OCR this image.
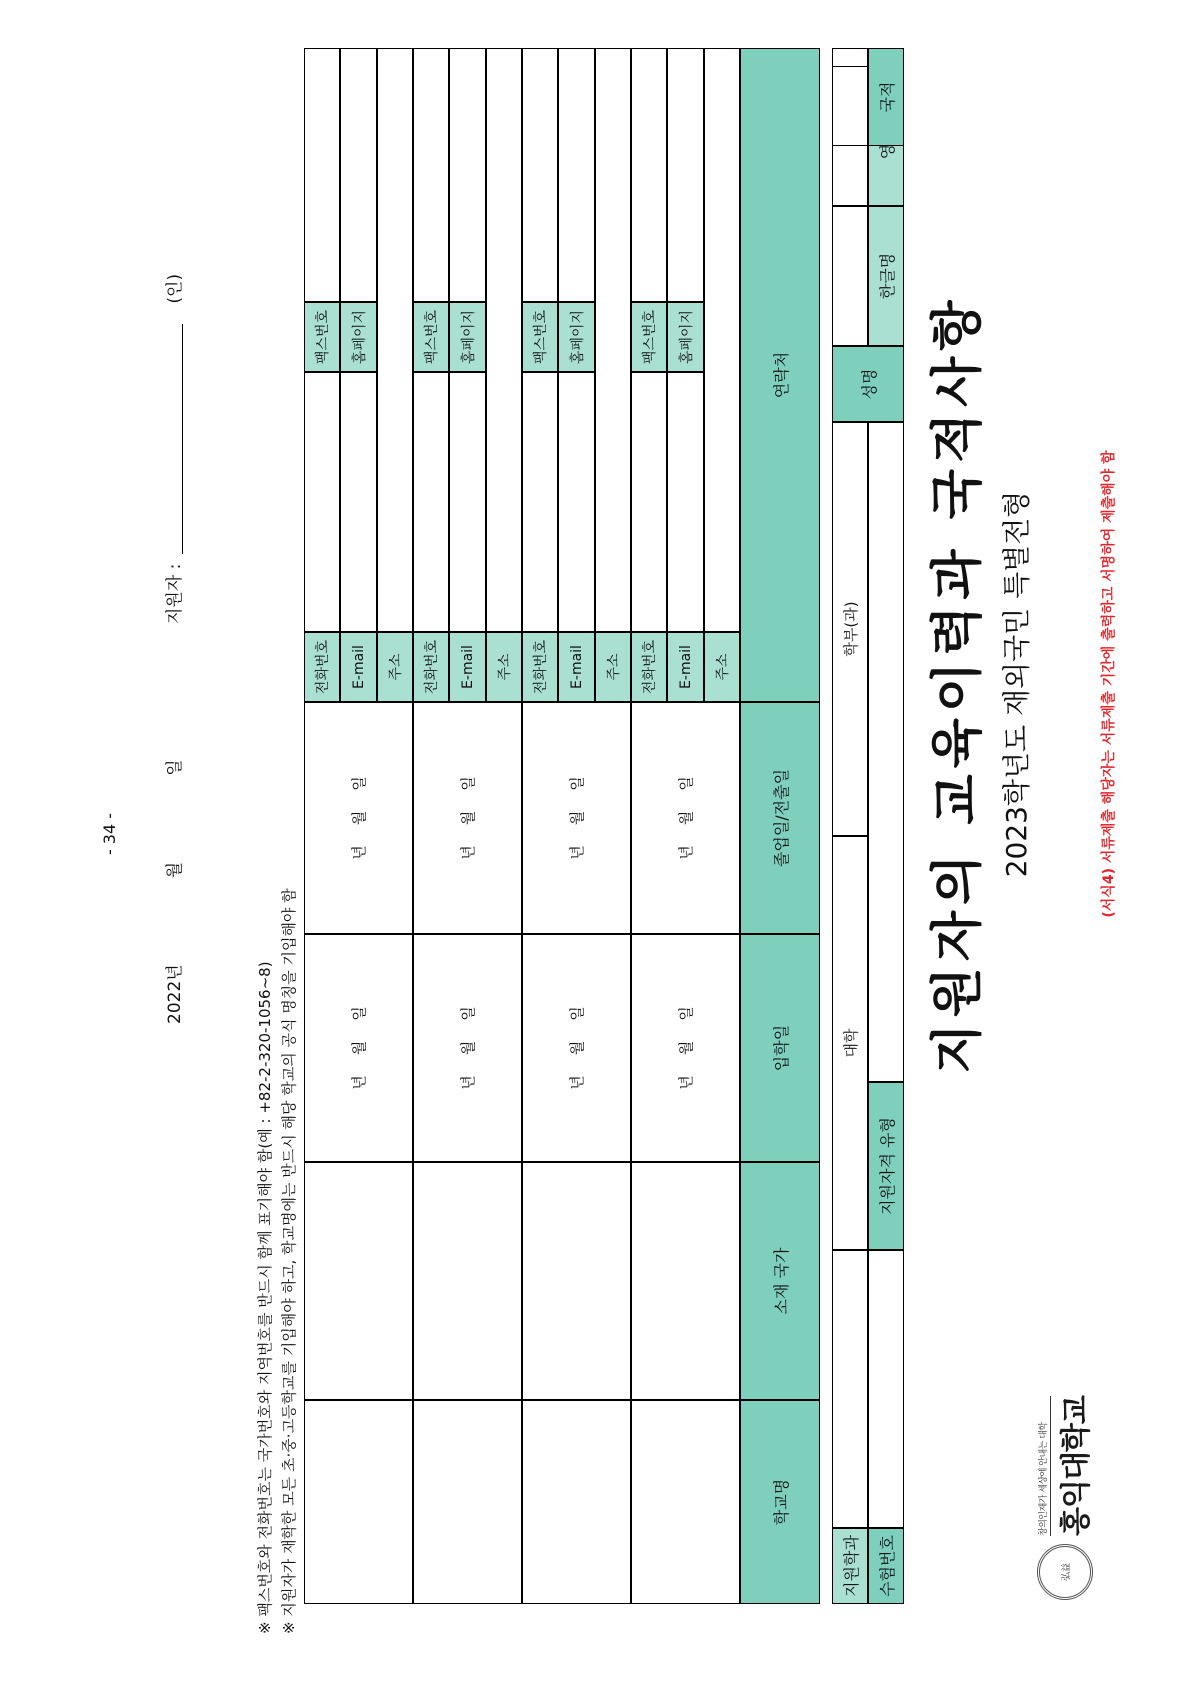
弘益
창의인재가 세상에 안내는 대학 홍익대학교
(서식4) 서류제출 해당자는 서류제출 기간에 출력하고 서명하여 제출해야 함
2023학년도 재외국민 특별전형
지원자의 교육이력과 국적사항
수험번호
지원자격 유형
성명
한글명
지원학과
대학
학부(과)
국적
학교명
소재 국가
입학일
졸업일/전출일
연락처
년
월
일
년
월
일
주소
E-mail
홈페이지
전화번호
팩스번호
년
월
일
년
월
일
주소
E-mail
홈페이지
전화번호
팩스번호
년
월
일
년
월
일
주소
E-mail
홈페이지
전화번호
팩스번호
년
월
일
년
월
일
주소
E-mail
홈페이지
전화번호
팩스번호
※ 지원자가 재학한 모든 초·중·고등학교를 기입해야 하고, 학교명에는 반드시 해당 학교의 공식 명칭을 기입해야 함
※ 팩스번호와 전화번호는 국가번호와 지역번호를 반드시 함께 표기해야 함(예 : +82-2-320-1056~8)
2022년
월
일
지원자 :
(인)
- 34 -
